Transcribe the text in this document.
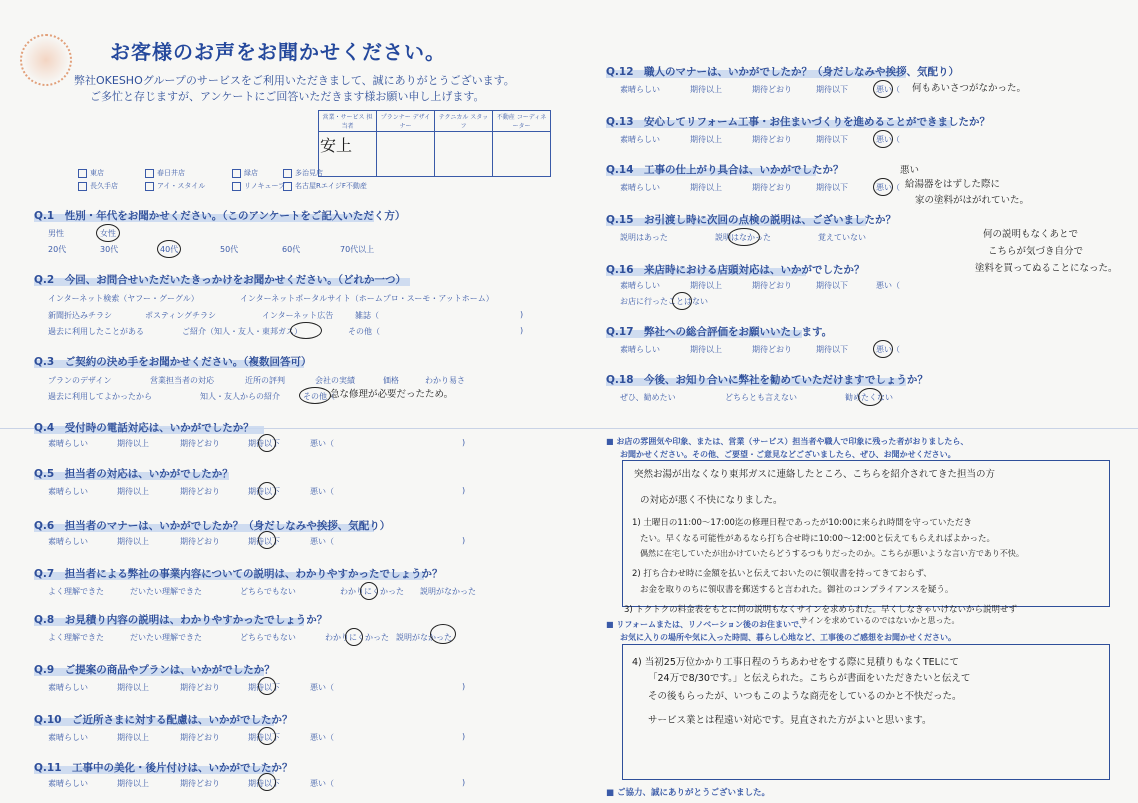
お客様のお声をお聞かせください。
弊社OKESHOグループのサービスをご利用いただきまして、誠にありがとうございます。
ご多忙と存じますが、アンケートにご回答いただきます様お願い申し上げます。
営業・サービス 担当者	プランナー デザイナー	テクニカル スタッフ	不動産 コーディネーター
安上			
東店	春日井店	緑店	多治見店
長久手店	アイ・スタイル	リノキューブ	名古屋RエイジF不動産
Q.1　性別・年代をお聞かせください。（このアンケートをご記入いただく方）
男性	女性
20代	30代	40代	50代	60代	70代以上
Q.2　今回、お問合せいただいたきっかけをお聞かせください。（どれか一つ）
インターネット検索（ヤフー・グーグル）	インターネットポータルサイト（ホームプロ・スーモ・アットホーム）
新聞折込みチラシ	ポスティングチラシ	インターネット広告	雑誌（	)
過去に利用したことがある	ご紹介（知人・友人・東邦ガス）	その他（	)
Q.3　ご契約の決め手をお聞かせください。（複数回答可）
プランのデザイン	営業担当者の対応	近所の評判	会社の実績	価格	わかり易さ
過去に利用してよかったから	知人・友人からの紹介	その他（
急な修理が必要だったため。
Q.4　受付時の電話対応は、いかがでしたか？
素晴らしい	期待以上	期待どおり	期待以下	悪い（	)
Q.5　担当者の対応は、いかがでしたか？
素晴らしい	期待以上	期待どおり	期待以下	悪い（	)
Q.6　担当者のマナーは、いかがでしたか？（身だしなみや挨拶、気配り）
素晴らしい	期待以上	期待どおり	期待以下	悪い（	)
Q.7　担当者による弊社の事業内容についての説明は、わかりやすかったでしょうか？
よく理解できた	だいたい理解できた	どちらでもない	わかりにくかった 説明がなかった
Q.8　お見積り内容の説明は、わかりやすかったでしょうか？
よく理解できた	だいたい理解できた	どちらでもない	わかりにくかった 説明がなかった
Q.9　ご提案の商品やプランは、いかがでしたか？
素晴らしい	期待以上	期待どおり	期待以下	悪い（	)
Q.10　ご近所さまに対する配慮は、いかがでしたか？
素晴らしい	期待以上	期待どおり	期待以下	悪い（	)
Q.11　工事中の美化・後片付けは、いかがでしたか？
素晴らしい	期待以上	期待どおり	期待以下	悪い（	)
Q.12　職人のマナーは、いかがでしたか？（身だしなみや挨拶、気配り）
素晴らしい	期待以上	期待どおり	期待以下	悪い（ 何もあいさつがなかった。
Q.13　安心してリフォーム工事・お住まいづくりを進めることができましたか？
素晴らしい	期待以上	期待どおり	期待以下	悪い（
Q.14　工事の仕上がり具合は、いかがでしたか？
素晴らしい	期待以上	期待どおり	期待以下	悪い（
悪い
給湯器をはずした際に
家の塗料がはがれていた。
Q.15　お引渡し時に次回の点検の説明は、ございましたか？
説明はあった	説明はなかった	覚えていない	何の説明もなくあとで
こちらが気づき自分で
塗料を買ってぬることになった。
Q.16　来店時における店頭対応は、いかがでしたか？
素晴らしい	期待以上	期待どおり	期待以下	悪い（
お店に行ったことはない
Q.17　弊社への総合評価をお願いいたします。
素晴らしい	期待以上	期待どおり	期待以下	悪い（
Q.18　今後、お知り合いに弊社を勧めていただけますでしょうか？
ぜひ、勧めたい	どちらとも言えない	勧めたくない
■ お店の雰囲気や印象、または、営業（サービス）担当者や職人で印象に残った者がおりましたら、
お聞かせください。その他、ご要望・ご意見などございましたら、ぜひ、お聞かせください。
突然お湯が出なくなり東邦ガスに連絡したところ、こちらを紹介されてきた担当の方
の対応が悪く不快になりました。
1) 土曜日の11:00〜17:00迄の修理日程であったが10:00に来られ時間を守っていただき
たい。早くなる可能性があるなら打ち合せ時に10:00〜12:00と伝えてもらえればよかった。
偶然に在宅していたが出かけていたらどうするつもりだったのか。こちらが悪いような言い方であり不快。
2) 打ち合わせ時に金額を払いと伝えておいたのに領収書を持ってきておらず、
お金を取りのちに領収書を郵送すると言われた。御社のコンプライアンスを疑う。
3) トクトクの料金表をもとに何の説明もなくサインを求められた。早くしなきゃいけないから説明せず
サインを求めているのではないかと思った。
■ リフォームまたは、リノベーション後のお住まいで、
お気に入りの場所や気に入った時間、暮らし心地など、工事後のご感想をお聞かせください。
4) 当初25万位かかり工事日程のうちあわせをする際に見積りもなくTELにて
「24万で8/30です。」と伝えられた。こちらが書面をいただきたいと伝えて
その後もらったが、いつもこのような商売をしているのかと不快だった。
サービス業とは程遠い対応です。見直された方がよいと思います。
■ ご協力、誠にありがとうございました。
